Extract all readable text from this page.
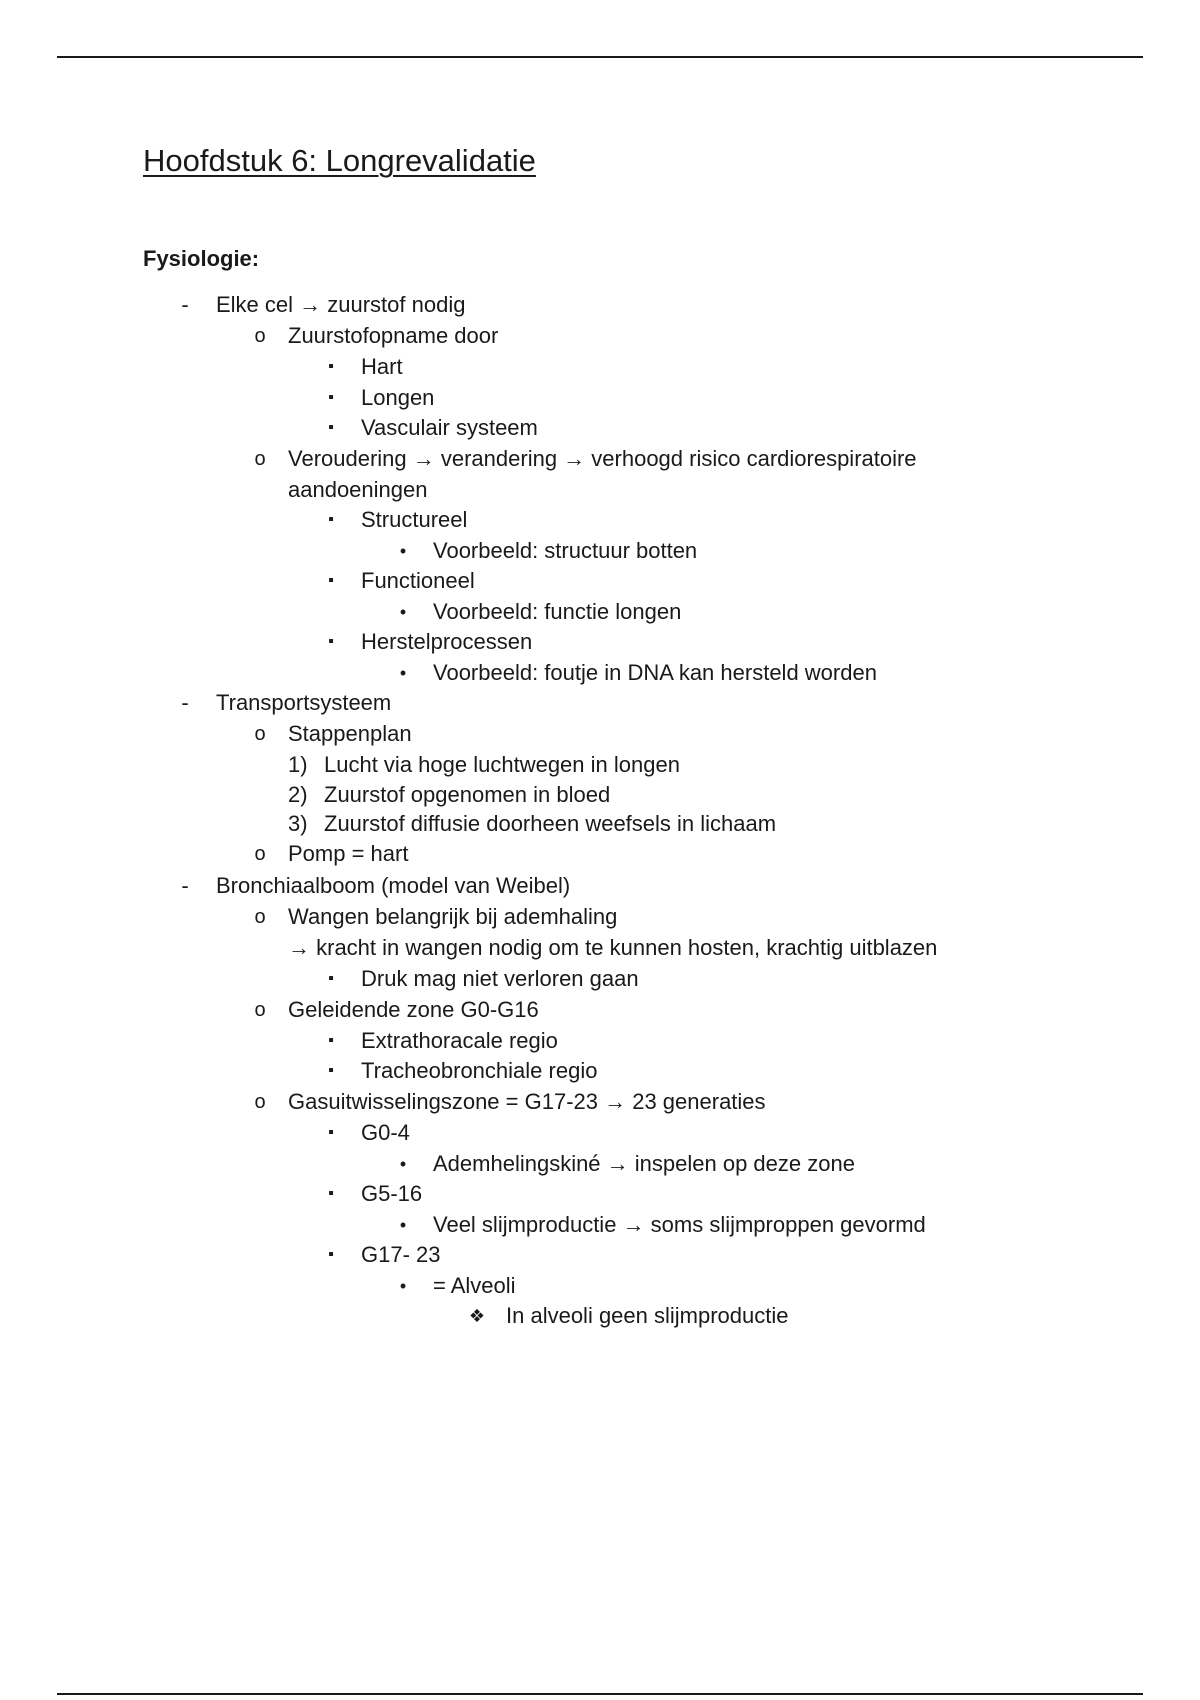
Hoofdstuk 6: Longrevalidatie
Fysiologie:
- Elke cel → zuurstof nodig
o Zuurstofopname door
▪ Hart
▪ Longen
▪ Vasculair systeem
o Veroudering → verandering → verhoogd risico cardiorespiratoire
aandoeningen
▪ Structureel
• Voorbeeld: structuur botten
▪ Functioneel
• Voorbeeld: functie longen
▪ Herstelprocessen
• Voorbeeld: foutje in DNA kan hersteld worden
- Transportsysteem
o Stappenplan
1) Lucht via hoge luchtwegen in longen
2) Zuurstof opgenomen in bloed
3) Zuurstof diffusie doorheen weefsels in lichaam
o Pomp = hart
- Bronchiaalboom (model van Weibel)
o Wangen belangrijk bij ademhaling
→ kracht in wangen nodig om te kunnen hosten, krachtig uitblazen
▪ Druk mag niet verloren gaan
o Geleidende zone G0-G16
▪ Extrathoracale regio
▪ Tracheobronchiale regio
o Gasuitwisselingszone = G17-23 → 23 generaties
▪ G0-4
• Ademhelingskiné → inspelen op deze zone
▪ G5-16
• Veel slijmproductie → soms slijmproppen gevormd
▪ G17- 23
• = Alveoli
❖ In alveoli geen slijmproductie
